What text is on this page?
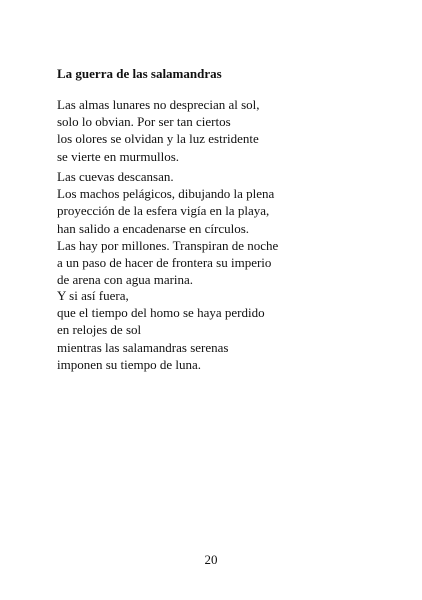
La guerra de las salamandras
Las almas lunares no desprecian al sol,
solo lo obvian. Por ser tan ciertos
los olores se olvidan y la luz estridente
se vierte en murmullos.
Las cuevas descansan.
Los machos pelágicos, dibujando la plena
proyección de la esfera vigía en la playa,
han salido a encadenarse en círculos.
Las hay por millones. Transpiran de noche
a un paso de hacer de frontera su imperio
de arena con agua marina.
Y si así fuera,
que el tiempo del homo se haya perdido
en relojes de sol
mientras las salamandras serenas
imponen su tiempo de luna.
20
